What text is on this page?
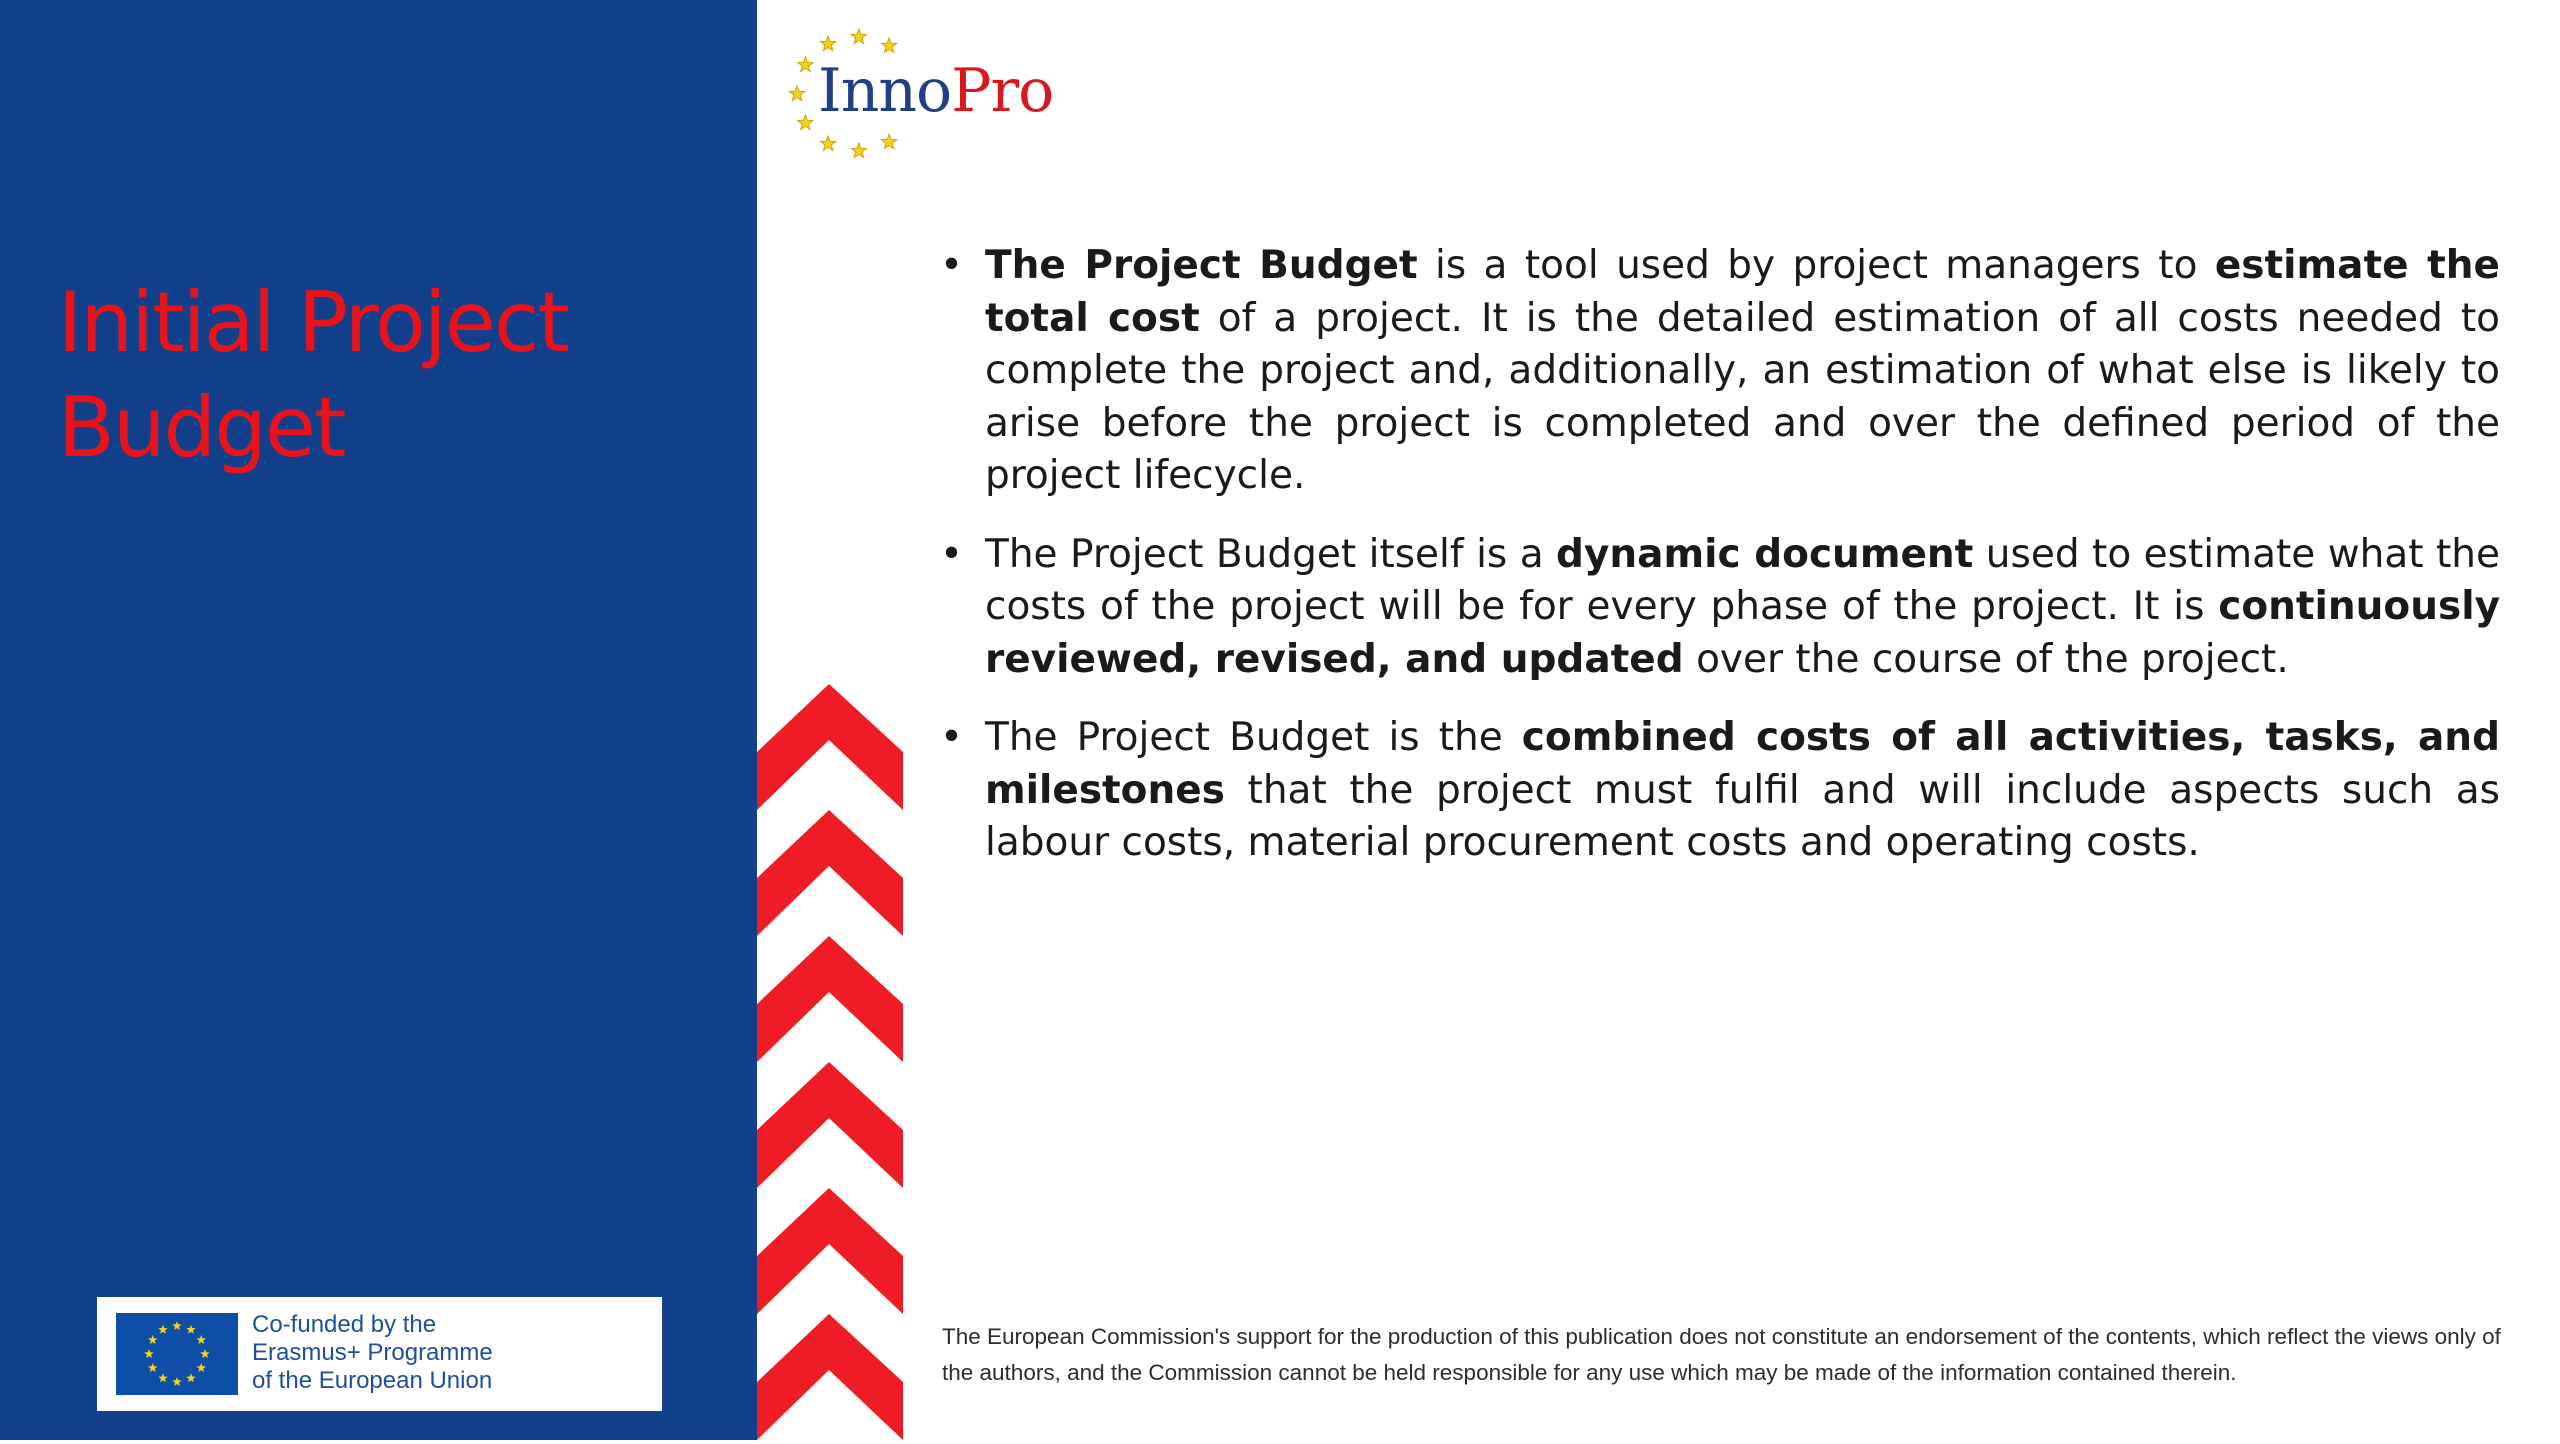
Initial Project Budget
Co-funded by the
Erasmus+ Programme
of the European Union

InnoPro

• The Project Budget is a tool used by project managers to estimate the total cost of a project. It is the detailed estimation of all costs needed to complete the project and, additionally, an estimation of what else is likely to arise before the project is completed and over the defined period of the project lifecycle.
• The Project Budget itself is a dynamic document used to estimate what the costs of the project will be for every phase of the project. It is continuously reviewed, revised, and updated over the course of the project.
• The Project Budget is the combined costs of all activities, tasks, and milestones that the project must fulfil and will include aspects such as labour costs, material procurement costs and operating costs.

The European Commission's support for the production of this publication does not constitute an endorsement of the contents, which reflect the views only of the authors, and the Commission cannot be held responsible for any use which may be made of the information contained therein.
